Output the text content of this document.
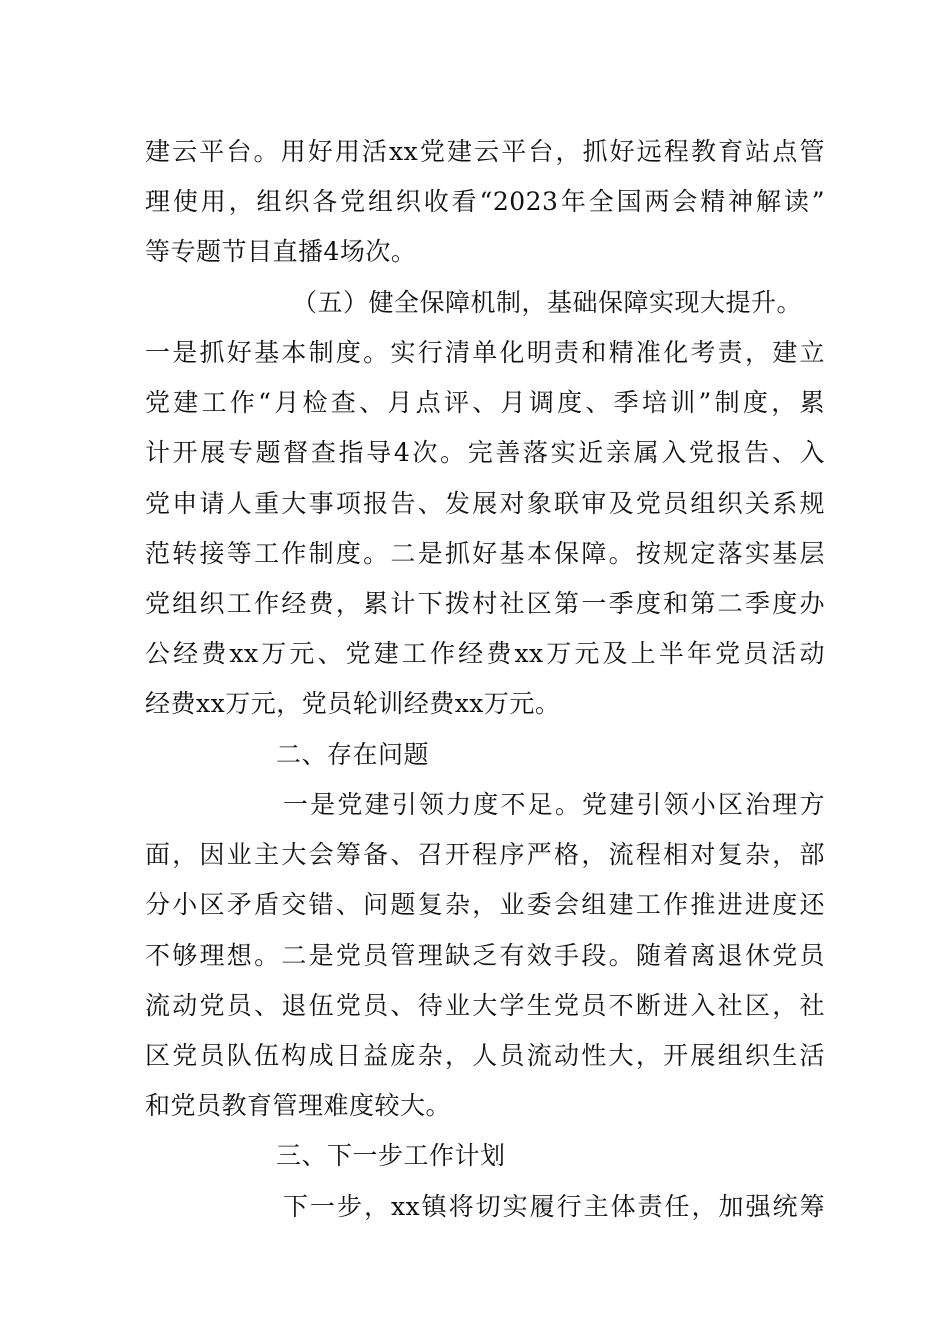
建云平台。用好用活xx党建云平台，抓好远程教育站点管
理使用，组织各党组织收看“2023年全国两会精神解读”
等专题节目直播4场次。
（五）健全保障机制，基础保障实现大提升。
一是抓好基本制度。实行清单化明责和精准化考责，建立
党建工作“月检查、月点评、月调度、季培训”制度，累
计开展专题督查指导4次。完善落实近亲属入党报告、入
党申请人重大事项报告、发展对象联审及党员组织关系规
范转接等工作制度。二是抓好基本保障。按规定落实基层
党组织工作经费，累计下拨村社区第一季度和第二季度办
公经费xx万元、党建工作经费xx万元及上半年党员活动
经费xx万元，党员轮训经费xx万元。
二、存在问题
一是党建引领力度不足。党建引领小区治理方
面，因业主大会筹备、召开程序严格，流程相对复杂，部
分小区矛盾交错、问题复杂，业委会组建工作推进进度还
不够理想。二是党员管理缺乏有效手段。随着离退休党员
流动党员、退伍党员、待业大学生党员不断进入社区，社
区党员队伍构成日益庞杂，人员流动性大，开展组织生活
和党员教育管理难度较大。
三、下一步工作计划
下一步，xx镇将切实履行主体责任，加强统筹
